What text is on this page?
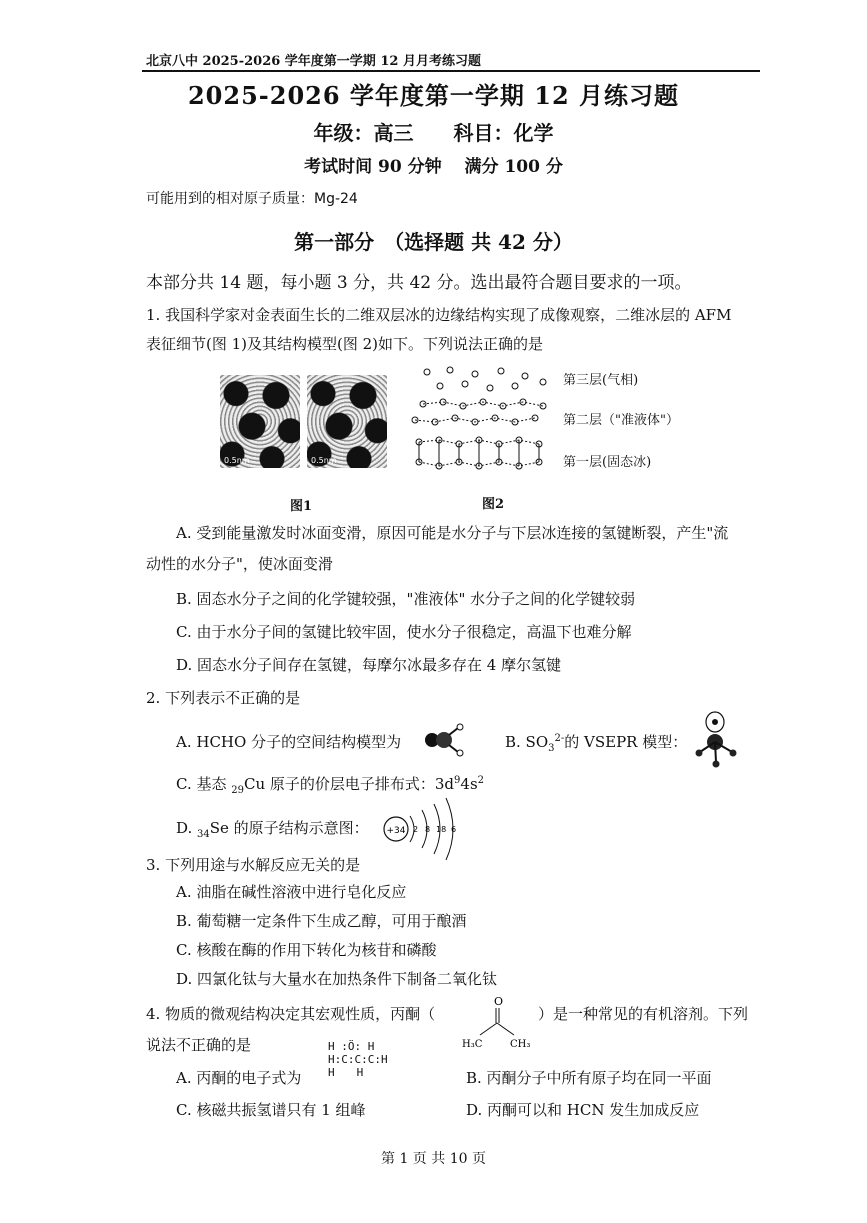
北京八中 2025-2026 学年度第一学期 12 月月考练习题
2025-2026 学年度第一学期 12 月练习题
年级：高三　　科目：化学
考试时间 90 分钟　 满分 100 分
可能用到的相对原子质量：Mg-24
第一部分　（选择题 共 42 分）
本部分共 14 题，每小题 3 分，共 42 分。选出最符合题目要求的一项。
1. 我国科学家对金表面生长的二维双层冰的边缘结构实现了成像观察，二维冰层的 AFM
表征细节(图 1)及其结构模型(图 2)如下。下列说法正确的是
0.5nm	0.5nm
图1
第三层(气相)
第二层（"准液体"）
第一层(固态冰)
图2
A. 受到能量激发时冰面变滑，原因可能是水分子与下层冰连接的氢键断裂，产生"流
动性的水分子"，使冰面变滑
B. 固态水分子之间的化学键较强，"准液体" 水分子之间的化学键较弱
C. 由于水分子间的氢键比较牢固，使水分子很稳定，高温下也难分解
D. 固态水分子间存在氢键，每摩尔冰最多存在 4 摩尔氢键
2. 下列表示不正确的是
A. HCHO 分子的空间结构模型为	B. $SO_3^{2-}$的 VSEPR 模型：
C. 基态 $_{29}$Cu 原子的价层电子排布式：$3d^94s^2$
D. $_{34}$Se 的原子结构示意图： +34 2 8 18 6
3. 下列用途与水解反应无关的是
A. 油脂在碱性溶液中进行皂化反应
B. 葡萄糖一定条件下生成乙醇，可用于酿酒
C. 核酸在酶的作用下转化为核苷和磷酸
D. 四氯化钛与大量水在加热条件下制备二氧化钛
4. 物质的微观结构决定其宏观性质，丙酮（
O
H₃C	CH₃
）是一种常见的有机溶剂。下列
说法不正确的是
A. 丙酮的电子式为
H :Ö: H
H:C:C:C:H
H　　H	B. 丙酮分子中所有原子均在同一平面
C. 核磁共振氢谱只有 1 组峰	D. 丙酮可以和 HCN 发生加成反应
第 1 页 共 10 页
